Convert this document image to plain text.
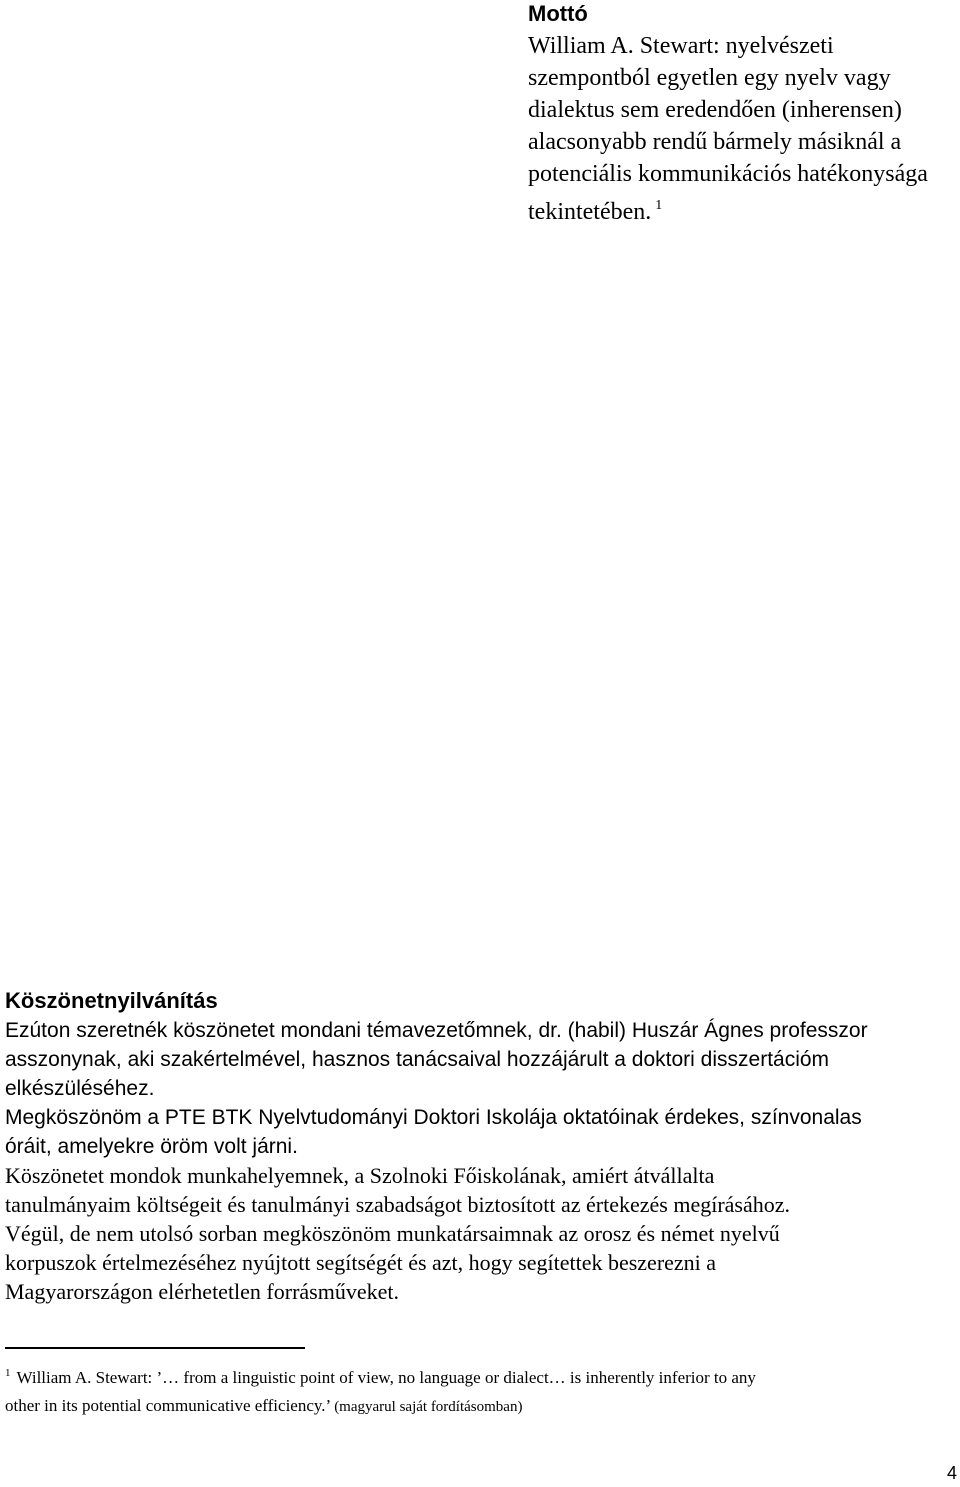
Mottó
William A. Stewart: nyelvészeti
szempontból egyetlen egy nyelv vagy
dialektus sem eredendően (inherensen)
alacsonyabb rendű bármely másiknál a
potenciális kommunikációs hatékonysága
tekintetében. $^1$
Köszönetnyilvánítás
Ezúton szeretnék köszönetet mondani témavezetőmnek, dr. (habil) Huszár Ágnes professzor
asszonynak, aki szakértelmével, hasznos tanácsaival hozzájárult a doktori disszertációm
elkészüléséhez.
Megköszönöm a PTE BTK Nyelvtudományi Doktori Iskolája oktatóinak érdekes, színvonalas
óráit, amelyekre öröm volt járni.
Köszönetet mondok munkahelyemnek, a Szolnoki Főiskolának, amiért átvállalta
tanulmányaim költségeit és tanulmányi szabadságot biztosított az értekezés megírásához.
Végül, de nem utolsó sorban megköszönöm munkatársaimnak az orosz és német nyelvű
korpuszok értelmezéséhez nyújtott segítségét és azt, hogy segítettek beszerezni a
Magyarországon elérhetetlen forrásműveket.
$^1$ William A. Stewart: ’… from a linguistic point of view, no language or dialect… is inherently inferior to any
other in its potential communicative efficiency.’ (magyarul saját fordításomban)
4
